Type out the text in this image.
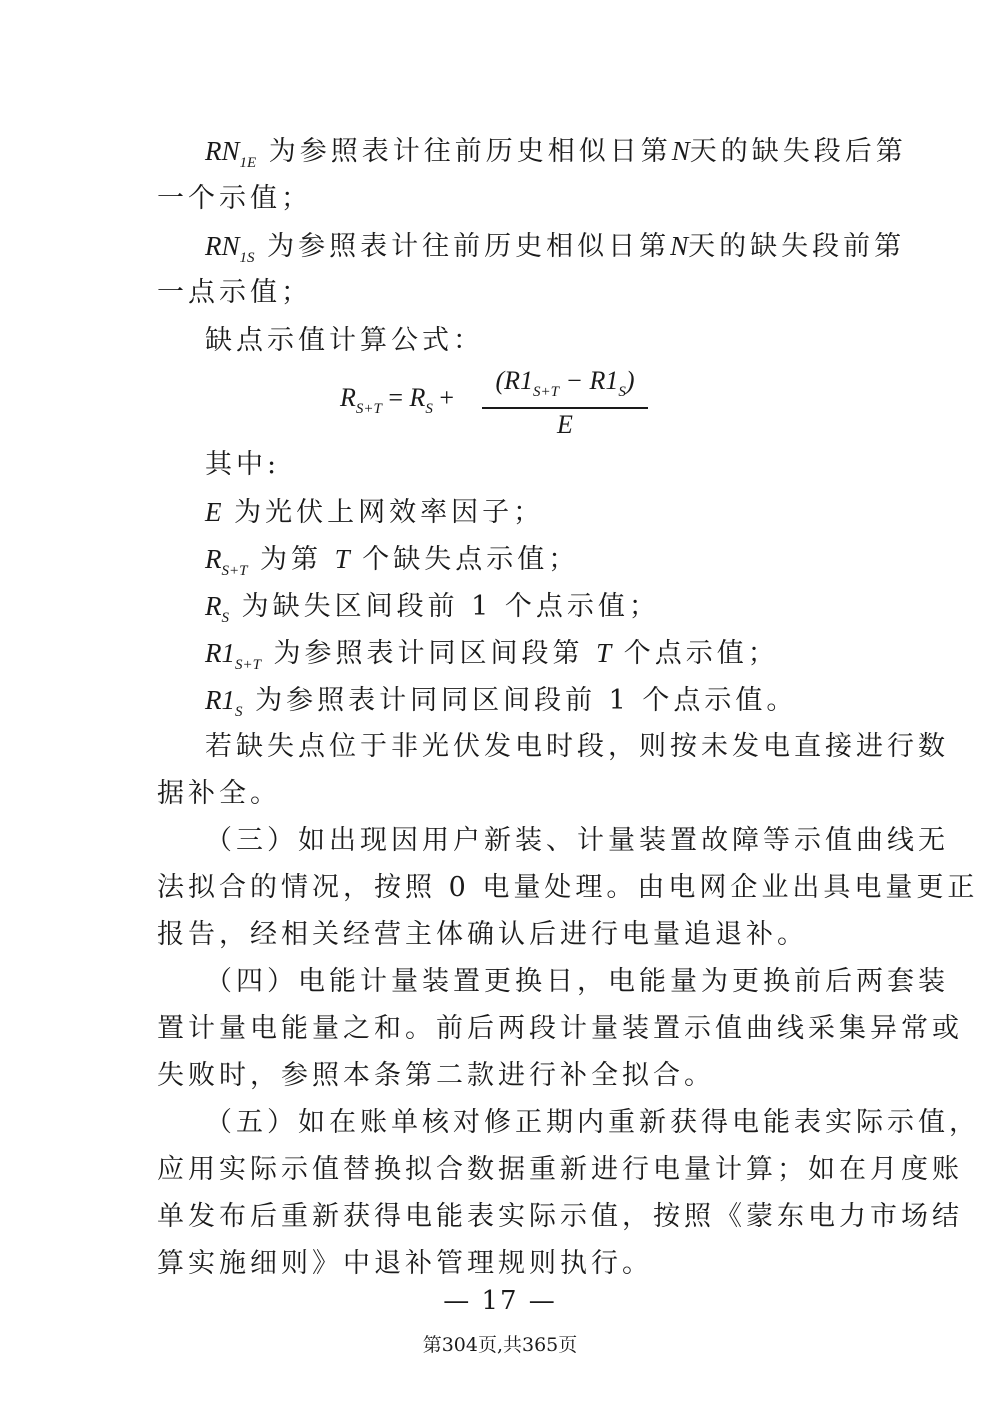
$RN_{1E}$ 为参照表计往前历史相似日第N天的缺失段后第
一个示值；
$RN_{1S}$ 为参照表计往前历史相似日第N天的缺失段前第
一点示值；
缺点示值计算公式：
$R_{S+T} = R_S$ +
$(R1_{S+T} - R1_S)$
E
其中:
E 为光伏上网效率因子；
$R_{S+T}$ 为第 T 个缺失点示值；
$R_S$ 为缺失区间段前 1 个点示值；
$R1_{S+T}$ 为参照表计同区间段第 T 个点示值；
$R1_S$ 为参照表计同同区间段前 1 个点示值。
若缺失点位于非光伏发电时段，则按未发电直接进行数
据补全。
（三）如出现因用户新装、计量装置故障等示值曲线无
法拟合的情况，按照 0 电量处理。由电网企业出具电量更正
报告，经相关经营主体确认后进行电量追退补。
（四）电能计量装置更换日，电能量为更换前后两套装
置计量电能量之和。前后两段计量装置示值曲线采集异常或
失败时，参照本条第二款进行补全拟合。
（五）如在账单核对修正期内重新获得电能表实际示值，
应用实际示值替换拟合数据重新进行电量计算；如在月度账
单发布后重新获得电能表实际示值，按照《蒙东电力市场结
算实施细则》中退补管理规则执行。
— 17 —
第304页,共365页
